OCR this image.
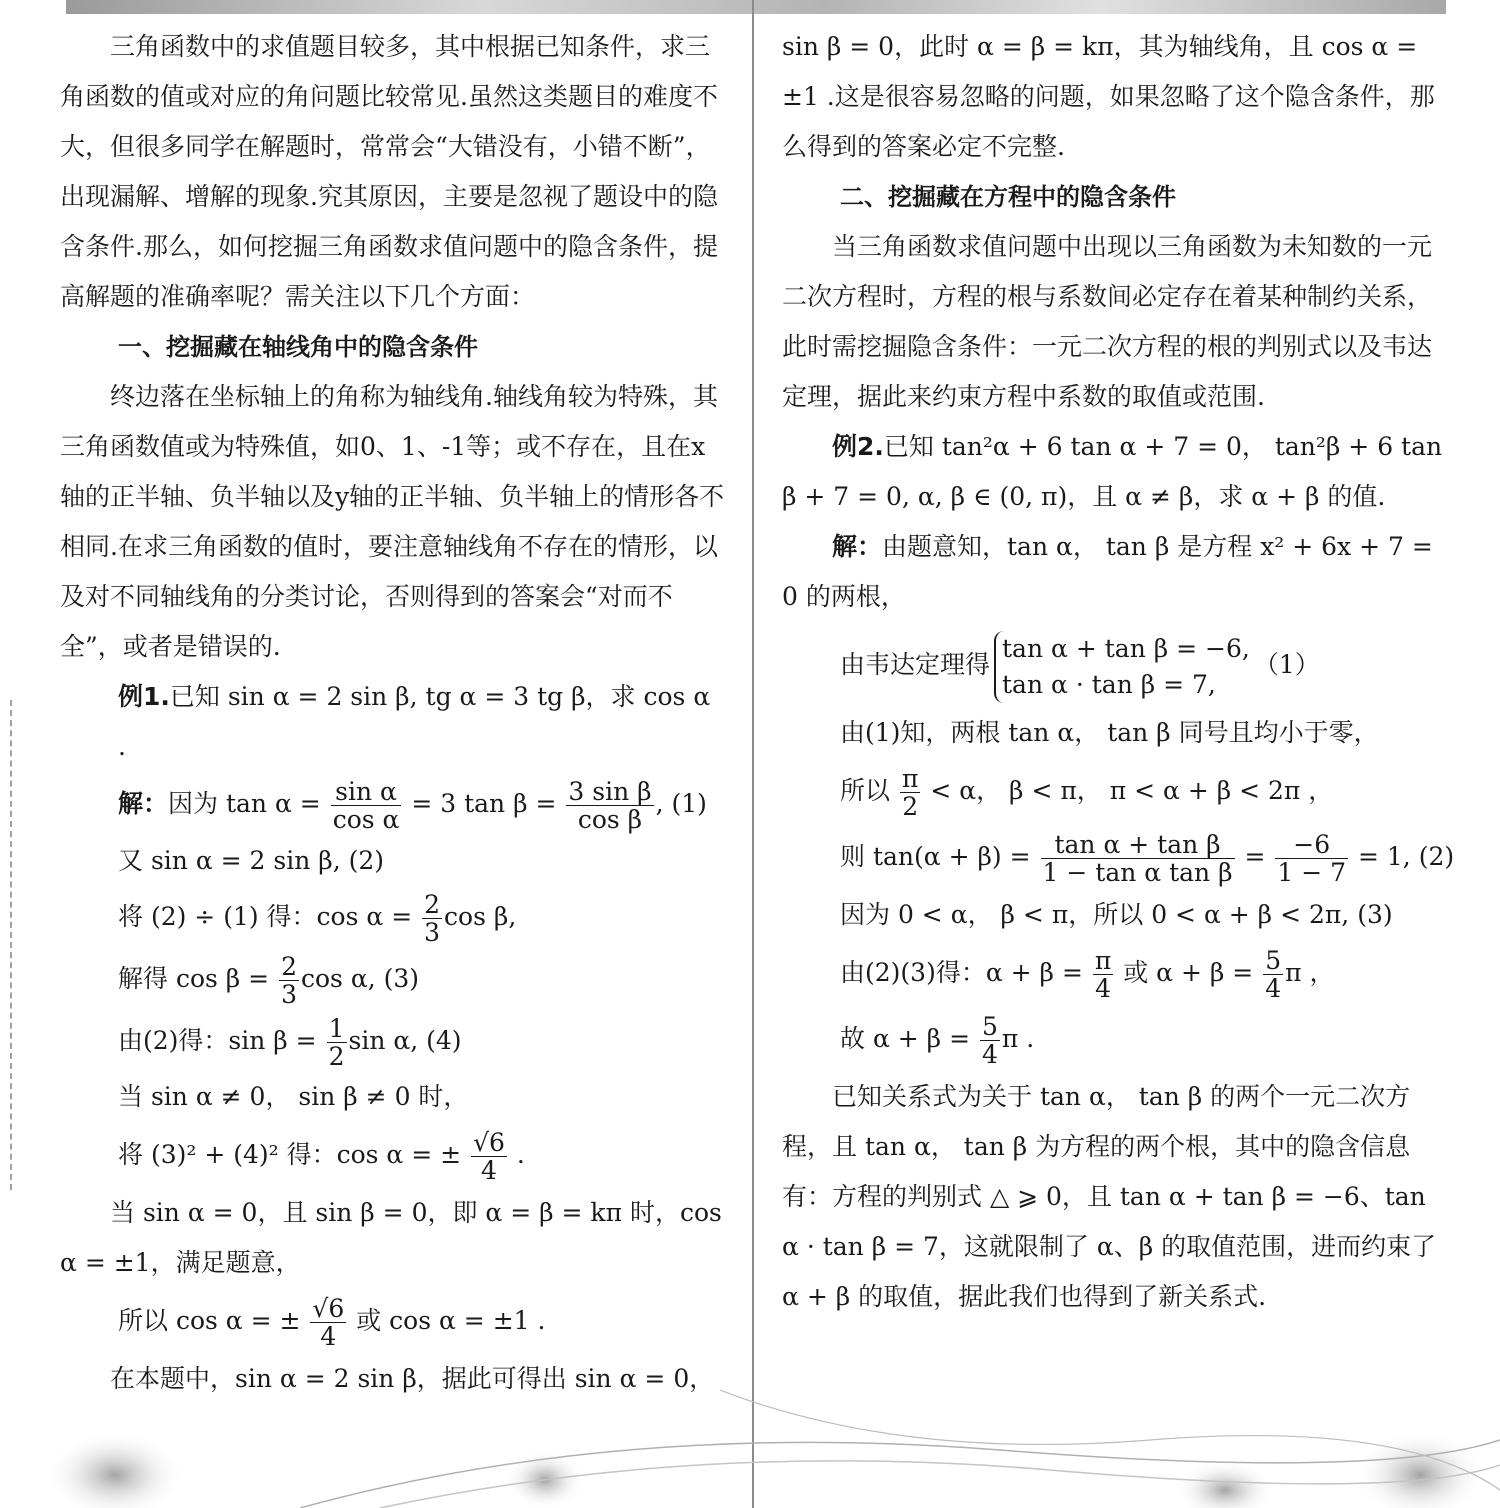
三角函数中的求值题目较多，其中根据已知条件，求三角函数的值或对应的角问题比较常见.虽然这类题目的难度不大，但很多同学在解题时，常常会“大错没有，小错不断”，出现漏解、增解的现象.究其原因，主要是忽视了题设中的隐含条件.那么，如何挖掘三角函数求值问题中的隐含条件，提高解题的准确率呢？需关注以下几个方面：

一、挖掘藏在轴线角中的隐含条件

终边落在坐标轴上的角称为轴线角.轴线角较为特殊，其三角函数值或为特殊值，如0、1、-1等；或不存在，且在x轴的正半轴、负半轴以及y轴的正半轴、负半轴上的情形各不相同.在求三角函数的值时，要注意轴线角不存在的情形，以及对不同轴线角的分类讨论，否则得到的答案会“对而不全”，或者是错误的.

例1.已知 sin α = 2 sin β, tg α = 3 tg β，求 cos α .

解：因为 $\tan \alpha = \frac{\text{sin α}}{\text{cos α}} = 3$ $\tan \beta = \frac{\text{3 sin β}}{\text{cos β}}$ , (1)

又 sin α = 2 sin β, (2)

将 (2) ÷ (1) 得：$\cos \alpha = \frac{2}{3}$ cos β,

解得 $\cos \beta = \frac{2}{3}$ cos α, (3)

由(2)得：$\sin \beta = \frac{1}{2}$ sin α, (4)

当 sin α ≠ 0， sin β ≠ 0 时，

将 (3)² + (4)² 得：cos α = ± $\frac{√6}{4}$ .

当 sin α = 0，且 sin β = 0，即 α = β = kπ 时，cos α = ±1，满足题意，

所以 cos α = ± $\frac{√6}{4}$ 或 cos α = ±1 .

在本题中，sin α = 2 sin β，据此可得出 sin α = 0，

sin β = 0，此时 α = β = kπ，其为轴线角，且 cos α = ±1 .这是很容易忽略的问题，如果忽略了这个隐含条件，那么得到的答案必定不完整.

二、挖掘藏在方程中的隐含条件

当三角函数求值问题中出现以三角函数为未知数的一元二次方程时，方程的根与系数间必定存在着某种制约关系，此时需挖掘隐含条件：一元二次方程的根的判别式以及韦达定理，据此来约束方程中系数的取值或范围.

例2.已知 tan²α + 6 tan α + 7 = 0， tan²β + 6 tan β + 7 = 0, α, β ∈ (0, π)，且 α ≠ β，求 α + β 的值.

解：由题意知，tan α， tan β 是方程 x² + 6x + 7 = 0 的两根，

由韦达定理得
tan α + tan β = −6,
tan α · tan β = 7,
（1）

由(1)知，两根 tan α， tan β 同号且均小于零，

所以 $\frac{\pi}{2} < \alpha$， β < π， π < α + β < 2π ，

则 $\tan(\alpha + \beta) = \frac{\text{tan α + tan β}}{\text{1 − tan α tan β}} = \frac{-6}{1 - 7} = 1$, (2)

因为 0 < α， β < π，所以 0 < α + β < 2π, (3)

由(2)(3)得：$\alpha + \beta = \frac{\pi}{4}$ 或 $\alpha + \beta = \frac{5}{4}$ π ，

故 $\alpha + \beta = \frac{5}{4}$ π .

已知关系式为关于 tan α， tan β 的两个一元二次方程，且 tan α， tan β 为方程的两个根，其中的隐含信息有：方程的判别式 △ ⩾ 0，且 tan α + tan β = −6、tan α · tan β = 7，这就限制了 α、β 的取值范围，进而约束了 α + β 的取值，据此我们也得到了新关系式.
